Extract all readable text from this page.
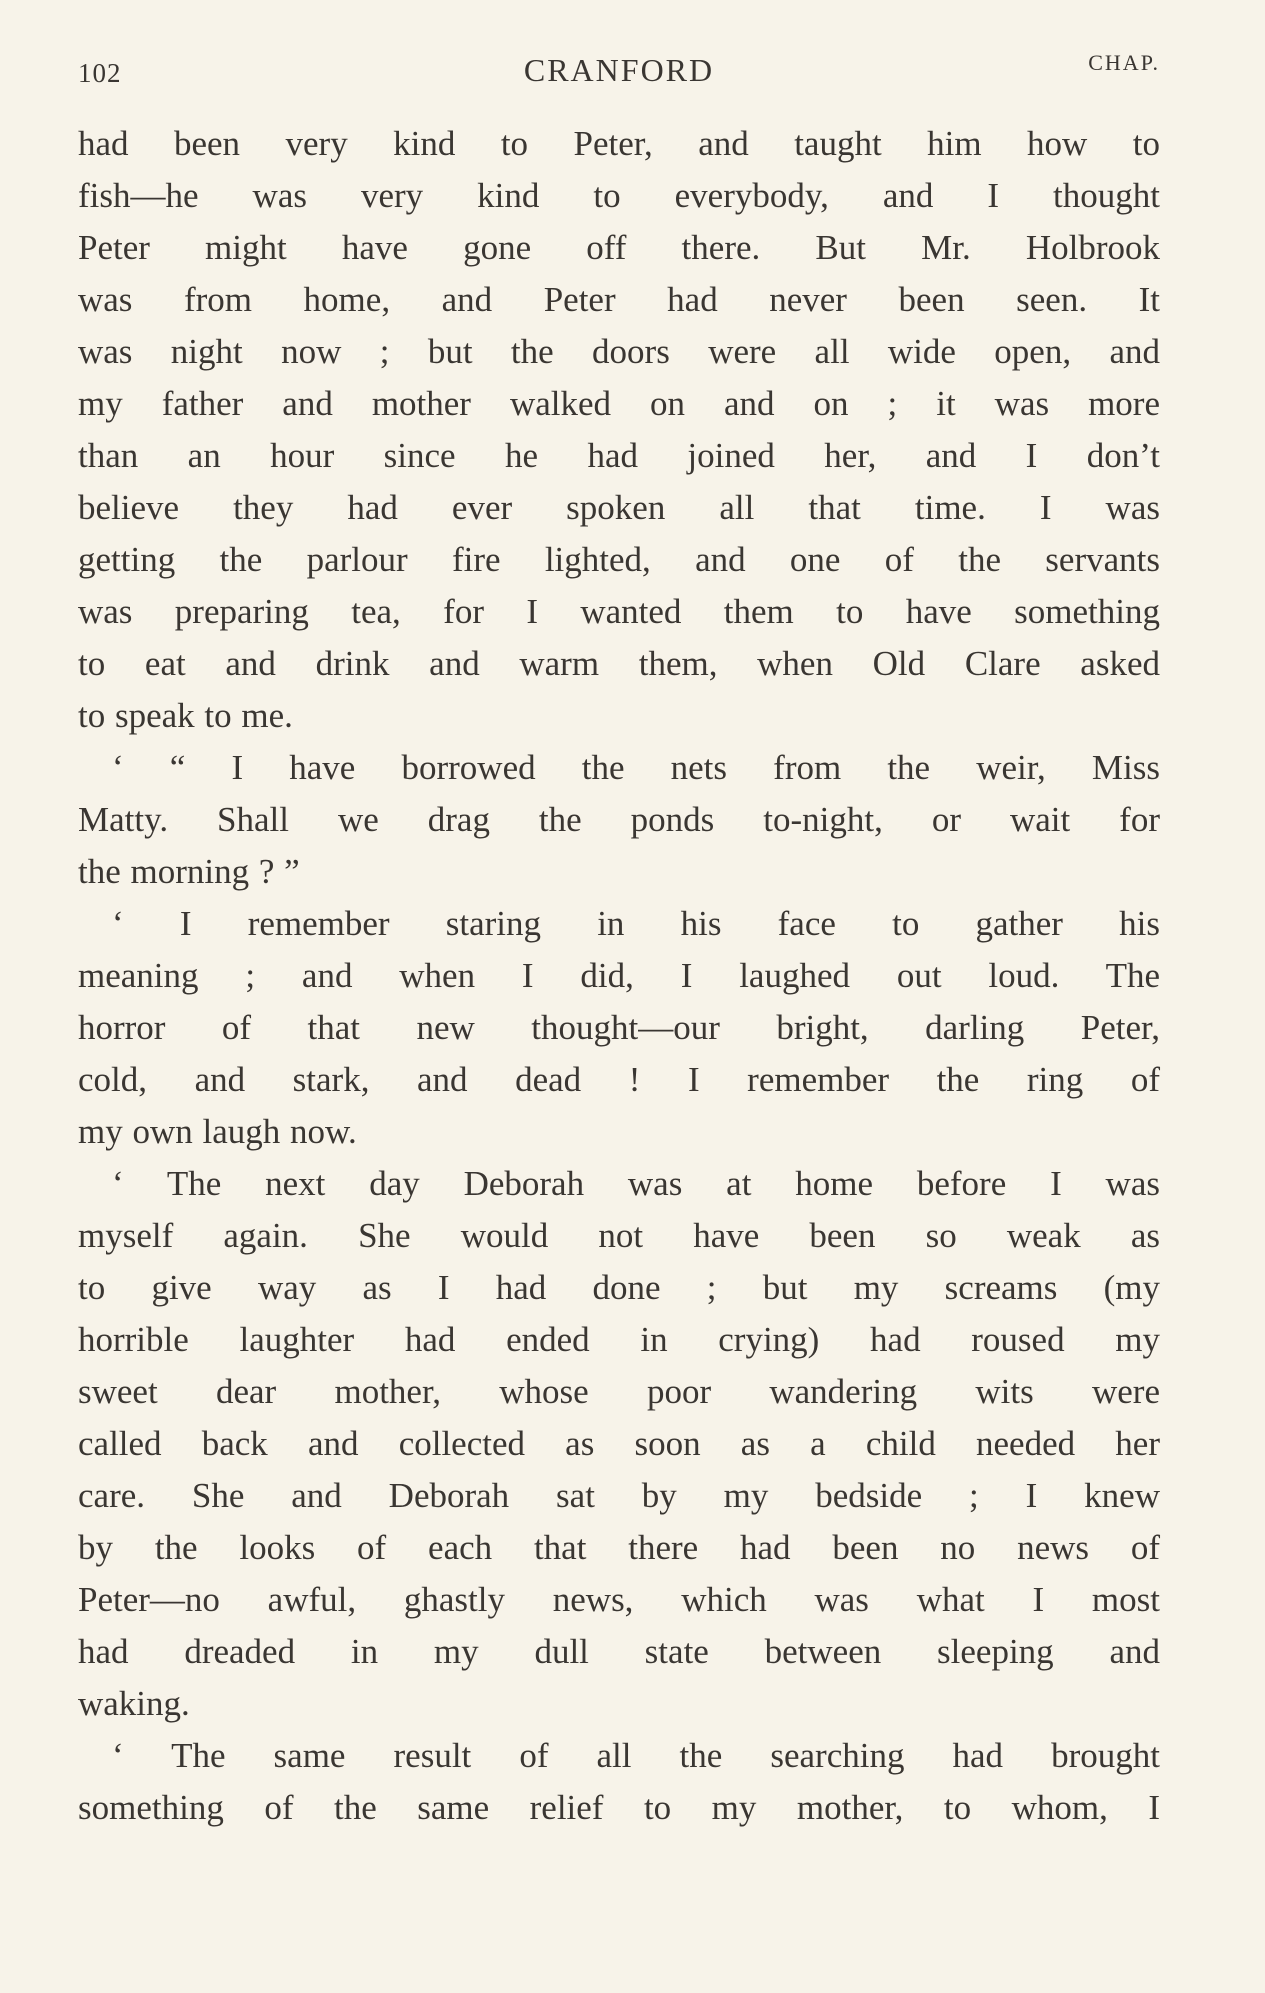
102	CRANFORD	CHAP.
had been very kind to Peter, and taught him how to
fish—he was very kind to everybody, and I thought
Peter might have gone off there. But Mr. Holbrook
was from home, and Peter had never been seen. It
was night now ; but the doors were all wide open, and
my father and mother walked on and on ; it was more
than an hour since he had joined her, and I don’t
believe they had ever spoken all that time. I was
getting the parlour fire lighted, and one of the servants
was preparing tea, for I wanted them to have something
to eat and drink and warm them, when Old Clare asked
to speak to me.
‘ “ I have borrowed the nets from the weir, Miss
Matty. Shall we drag the ponds to-night, or wait for
the morning ? ”
‘ I remember staring in his face to gather his
meaning ; and when I did, I laughed out loud. The
horror of that new thought—our bright, darling Peter,
cold, and stark, and dead ! I remember the ring of
my own laugh now.
‘ The next day Deborah was at home before I was
myself again. She would not have been so weak as
to give way as I had done ; but my screams (my
horrible laughter had ended in crying) had roused my
sweet dear mother, whose poor wandering wits were
called back and collected as soon as a child needed her
care. She and Deborah sat by my bedside ; I knew
by the looks of each that there had been no news of
Peter—no awful, ghastly news, which was what I most
had dreaded in my dull state between sleeping and
waking.
‘ The same result of all the searching had brought
something of the same relief to my mother, to whom, I
